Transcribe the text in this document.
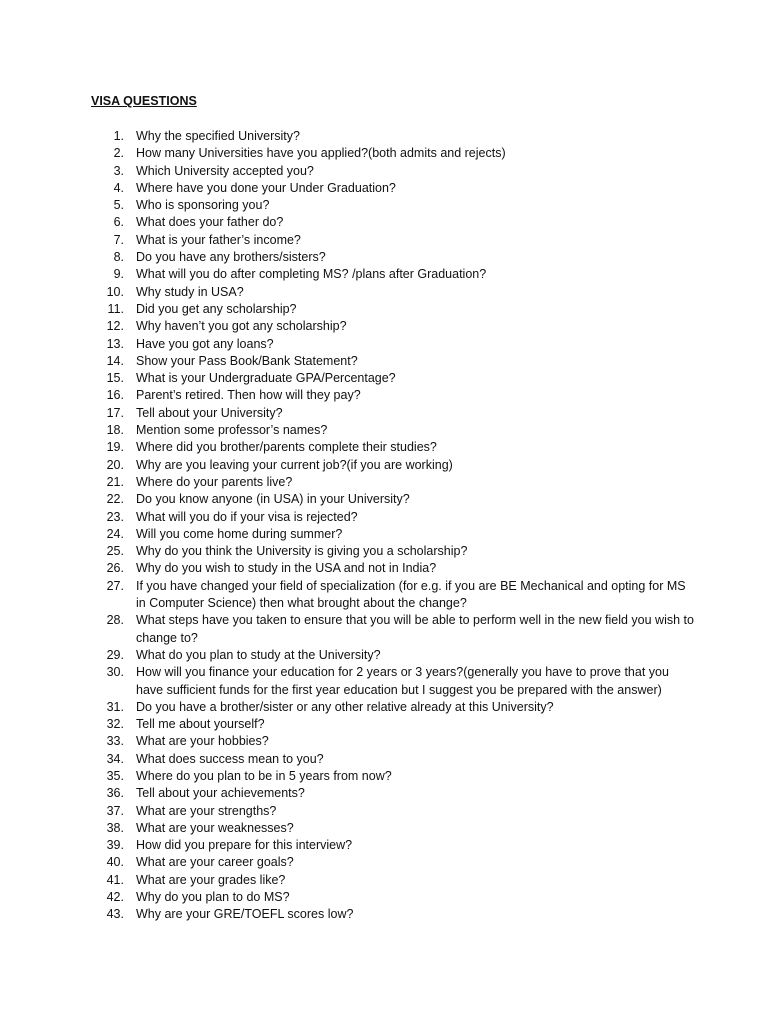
VISA QUESTIONS
1. Why the specified University?
2. How many Universities have you applied?(both admits and rejects)
3. Which University accepted you?
4. Where have you done your Under Graduation?
5. Who is sponsoring you?
6. What does your father do?
7. What is your father’s income?
8. Do you have any brothers/sisters?
9. What will you do after completing MS? /plans after Graduation?
10. Why study in USA?
11. Did you get any scholarship?
12. Why haven’t you got any scholarship?
13. Have you got any loans?
14. Show your Pass Book/Bank Statement?
15. What is your Undergraduate GPA/Percentage?
16. Parent’s retired. Then how will they pay?
17. Tell about your University?
18. Mention some professor’s names?
19. Where did you brother/parents complete their studies?
20. Why are you leaving your current job?(if you are working)
21. Where do your parents live?
22. Do you know anyone (in USA) in your University?
23. What will you do if your visa is rejected?
24. Will you come home during summer?
25. Why do you think the University is giving you a scholarship?
26. Why do you wish to study in the USA and not in India?
27. If you have changed your field of specialization (for e.g. if you are BE Mechanical and opting for MS in Computer Science) then what brought about the change?
28. What steps have you taken to ensure that you will be able to perform well in the new field you wish to change to?
29. What do you plan to study at the University?
30. How will you finance your education for 2 years or 3 years?(generally you have to prove that you have sufficient funds for the first year education but I suggest you be prepared with the answer)
31. Do you have a brother/sister or any other relative already at this University?
32. Tell me about yourself?
33. What are your hobbies?
34. What does success mean to you?
35. Where do you plan to be in 5 years from now?
36. Tell about your achievements?
37. What are your strengths?
38. What are your weaknesses?
39. How did you prepare for this interview?
40. What are your career goals?
41. What are your grades like?
42. Why do you plan to do MS?
43. Why are your GRE/TOEFL scores low?
